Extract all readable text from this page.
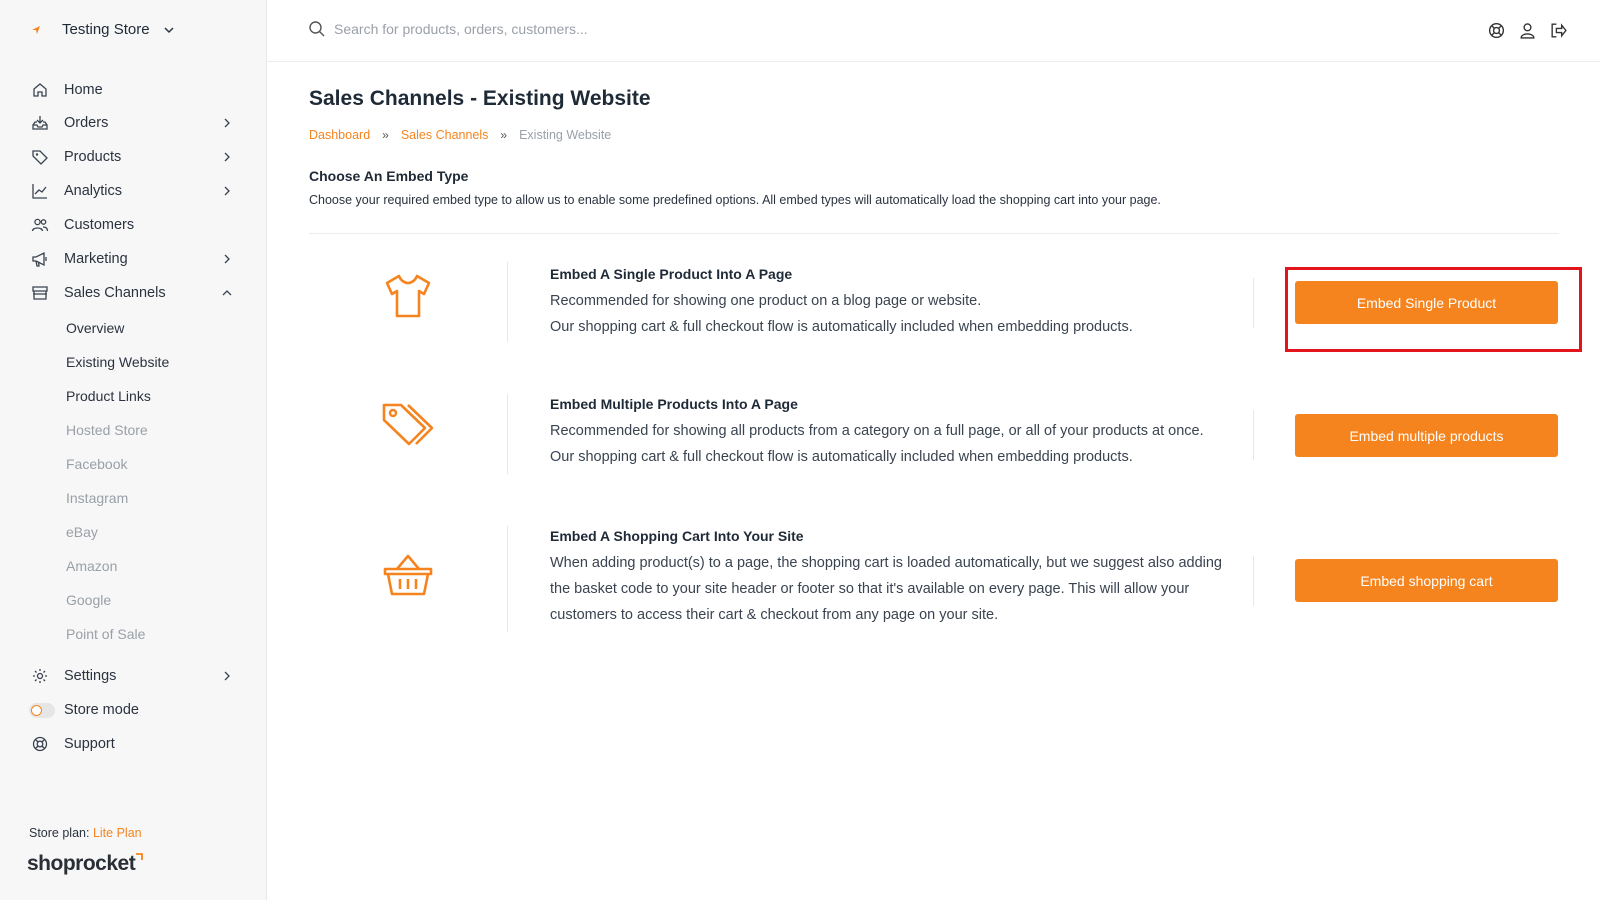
Testing Store
Home
Orders
Products
Analytics
Customers
Marketing
Sales Channels
Overview
Existing Website
Product Links
Hosted Store
Facebook
Instagram
eBay
Amazon
Google
Point of Sale
Settings
Store mode
Support
Store plan: Lite Plan
shoprocket
Search for products, orders, customers...
Sales Channels - Existing Website
Dashboard » Sales Channels » Existing Website
Choose An Embed Type
Choose your required embed type to allow us to enable some predefined options. All embed types will automatically load the shopping cart into your page.
Embed A Single Product Into A Page
Recommended for showing one product on a blog page or website.
Our shopping cart & full checkout flow is automatically included when embedding products.
Embed Single Product
Embed Multiple Products Into A Page
Recommended for showing all products from a category on a full page, or all of your products at once.
Our shopping cart & full checkout flow is automatically included when embedding products.
Embed multiple products
Embed A Shopping Cart Into Your Site
When adding product(s) to a page, the shopping cart is loaded automatically, but we suggest also adding
the basket code to your site header or footer so that it's available on every page. This will allow your
customers to access their cart & checkout from any page on your site.
Embed shopping cart
